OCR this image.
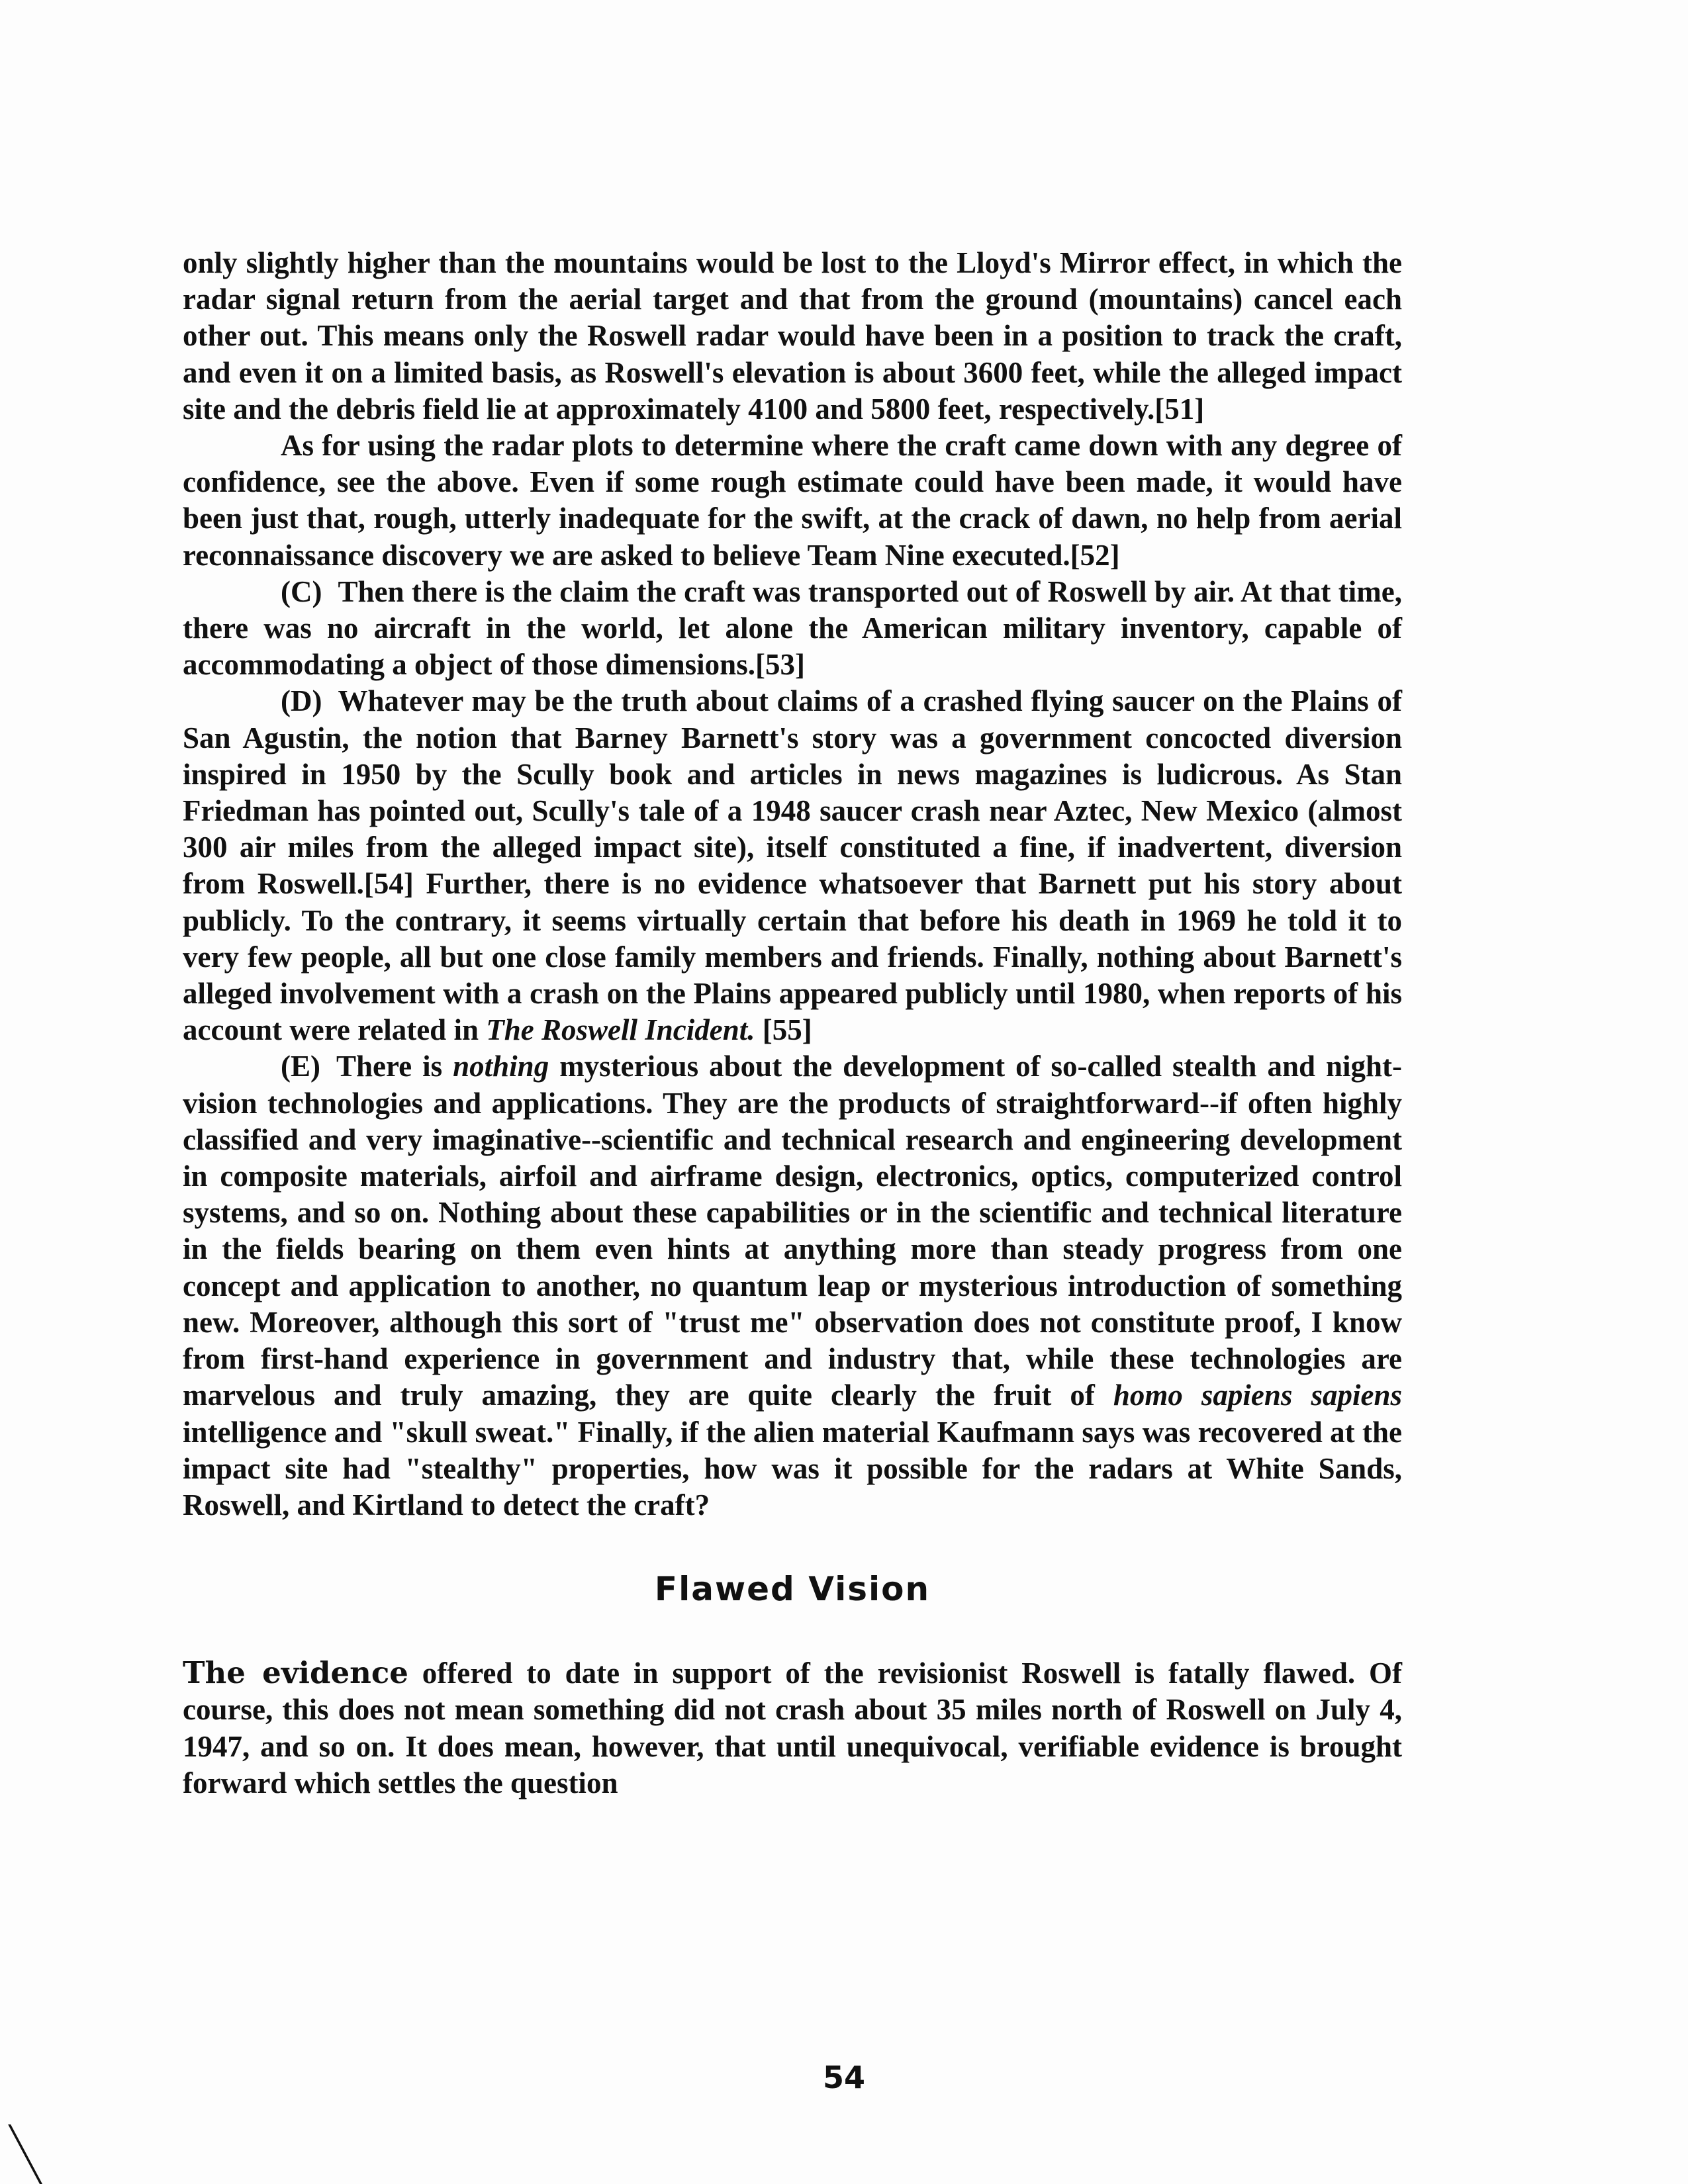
only slightly higher than the mountains would be lost to the Lloyd's Mirror effect, in which the radar signal return from the aerial target and that from the ground (mountains) cancel each other out. This means only the Roswell radar would have been in a position to track the craft, and even it on a limited basis, as Roswell's elevation is about 3600 feet, while the alleged impact site and the debris field lie at approximately 4100 and 5800 feet, respectively.[51]

As for using the radar plots to determine where the craft came down with any degree of confidence, see the above. Even if some rough estimate could have been made, it would have been just that, rough, utterly inadequate for the swift, at the crack of dawn, no help from aerial reconnaissance discovery we are asked to believe Team Nine executed.[52]

(C) Then there is the claim the craft was transported out of Roswell by air. At that time, there was no aircraft in the world, let alone the American military inventory, capable of accommodating a object of those dimensions.[53]

(D) Whatever may be the truth about claims of a crashed flying saucer on the Plains of San Agustin, the notion that Barney Barnett's story was a government concocted diversion inspired in 1950 by the Scully book and articles in news magazines is ludicrous. As Stan Friedman has pointed out, Scully's tale of a 1948 saucer crash near Aztec, New Mexico (almost 300 air miles from the alleged impact site), itself constituted a fine, if inadvertent, diversion from Roswell.[54] Further, there is no evidence whatsoever that Barnett put his story about publicly. To the contrary, it seems virtually certain that before his death in 1969 he told it to very few people, all but one close family members and friends. Finally, nothing about Barnett's alleged involvement with a crash on the Plains appeared publicly until 1980, when reports of his account were related in The Roswell Incident. [55]

(E) There is nothing mysterious about the development of so-called stealth and night-vision technologies and applications. They are the products of straightforward--if often highly classified and very imaginative--scientific and technical research and engineering development in composite materials, airfoil and airframe design, electronics, optics, computerized control systems, and so on. Nothing about these capabilities or in the scientific and technical literature in the fields bearing on them even hints at anything more than steady progress from one concept and application to another, no quantum leap or mysterious introduction of something new. Moreover, although this sort of "trust me" observation does not constitute proof, I know from first-hand experience in government and industry that, while these technologies are marvelous and truly amazing, they are quite clearly the fruit of homo sapiens sapiens intelligence and "skull sweat." Finally, if the alien material Kaufmann says was recovered at the impact site had "stealthy" properties, how was it possible for the radars at White Sands, Roswell, and Kirtland to detect the craft?

Flawed Vision

The evidence offered to date in support of the revisionist Roswell is fatally flawed. Of course, this does not mean something did not crash about 35 miles north of Roswell on July 4, 1947, and so on. It does mean, however, that until unequivocal, verifiable evidence is brought forward which settles the question

54
